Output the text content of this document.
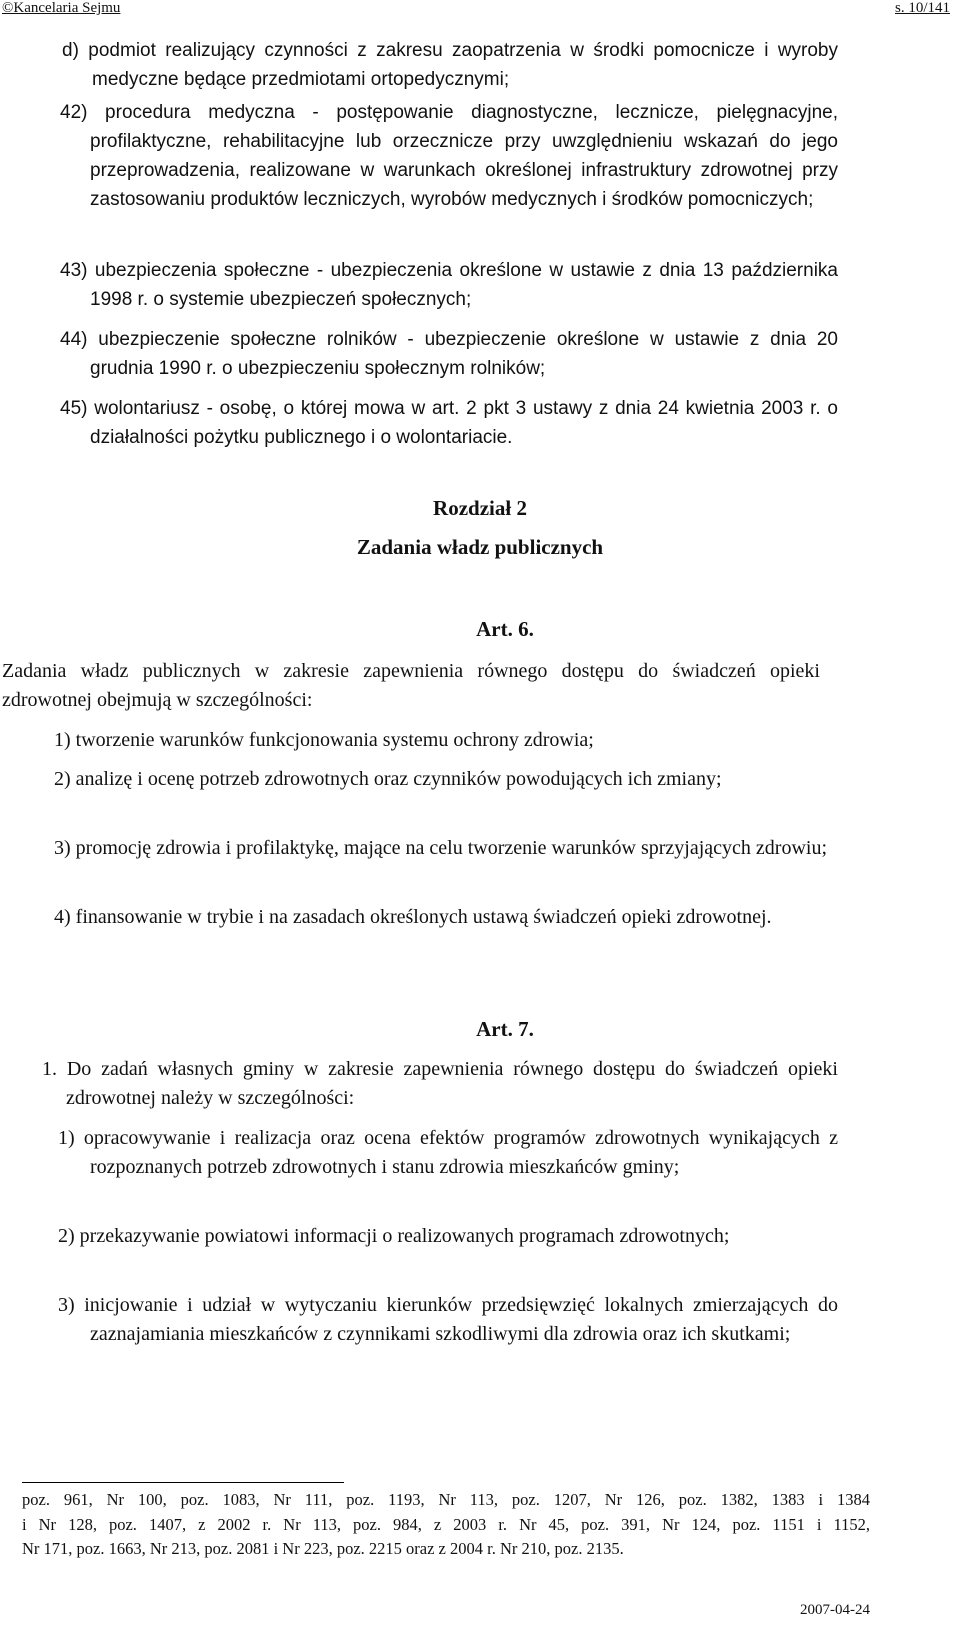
©Kancelaria Sejmu	s. 10/141
d) podmiot realizujący czynności z zakresu zaopatrzenia w środki pomocnicze i wyroby medyczne będące przedmiotami ortopedycznymi;
42) procedura medyczna - postępowanie diagnostyczne, lecznicze, pielęgnacyjne, profilaktyczne, rehabilitacyjne lub orzecznicze przy uwzględnieniu wskazań do jego przeprowadzenia, realizowane w warunkach określonej infrastruktury zdrowotnej przy zastosowaniu produktów leczniczych, wyrobów medycznych i środków pomocniczych;
43) ubezpieczenia społeczne - ubezpieczenia określone w ustawie z dnia 13 października 1998 r. o systemie ubezpieczeń społecznych;
44) ubezpieczenie społeczne rolników - ubezpieczenie określone w ustawie z dnia 20 grudnia 1990 r. o ubezpieczeniu społecznym rolników;
45) wolontariusz - osobę, o której mowa w art. 2 pkt 3 ustawy z dnia 24 kwietnia 2003 r. o działalności pożytku publicznego i o wolontariacie.
Rozdział 2
Zadania władz publicznych
Art. 6.
Zadania władz publicznych w zakresie zapewnienia równego dostępu do świadczeń opieki zdrowotnej obejmują w szczególności:
1) tworzenie warunków funkcjonowania systemu ochrony zdrowia;
2) analizę i ocenę potrzeb zdrowotnych oraz czynników powodujących ich zmiany;
3) promocję zdrowia i profilaktykę, mające na celu tworzenie warunków sprzyjających zdrowiu;
4) finansowanie w trybie i na zasadach określonych ustawą świadczeń opieki zdrowotnej.
Art. 7.
1. Do zadań własnych gminy w zakresie zapewnienia równego dostępu do świadczeń opieki zdrowotnej należy w szczególności:
1) opracowywanie i realizacja oraz ocena efektów programów zdrowotnych wynikających z rozpoznanych potrzeb zdrowotnych i stanu zdrowia mieszkańców gminy;
2) przekazywanie powiatowi informacji o realizowanych programach zdrowotnych;
3) inicjowanie i udział w wytyczaniu kierunków przedsięwzięć lokalnych zmierzających do zaznajamiania mieszkańców z czynnikami szkodliwymi dla zdrowia oraz ich skutkami;
poz. 961, Nr 100, poz. 1083, Nr 111, poz. 1193, Nr 113, poz. 1207, Nr 126, poz. 1382, 1383 i 1384
i Nr 128, poz. 1407, z 2002 r. Nr 113, poz. 984, z 2003 r. Nr 45, poz. 391, Nr 124, poz. 1151 i 1152,
Nr 171, poz. 1663, Nr 213, poz. 2081 i Nr 223, poz. 2215 oraz z 2004 r. Nr 210, poz. 2135.
2007-04-24
